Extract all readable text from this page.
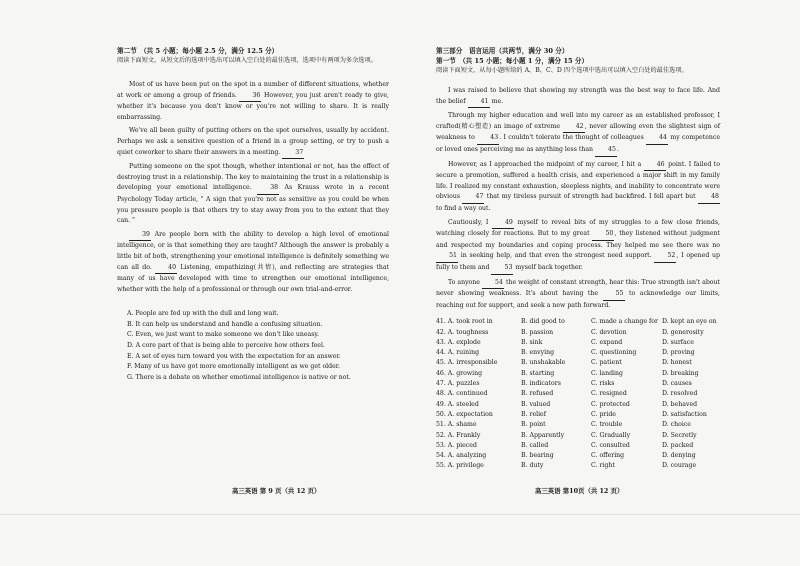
第二节　（共 5 小题；每小题 2.5 分，满分 12.5 分）
阅读下面短文，从短文后的选项中选出可以填入空白处的最佳选项，选项中有两项为多余选项。

Most of us have been put on the spot in a number of different situations, whether at work or among a group of friends. 36 However, you just aren't ready to give, whether it's because you don't know or you're not willing to share. It is really embarrassing.

We've all been guilty of putting others on the spot ourselves, usually by accident. Perhaps we ask a sensitive question of a friend in a group setting, or try to push a quiet coworker to share their answers in a meeting. 37

Putting someone on the spot though, whether intentional or not, has the effect of destroying trust in a relationship. The key to maintaining the trust in a relationship is developing your emotional intelligence. 38 As Krauss wrote in a recent Psychology Today article, " A sign that you're not as sensitive as you could be when you pressure people is that others try to stay away from you to the extent that they can. "

39 Are people born with the ability to develop a high level of emotional intelligence, or is that something they are taught? Although the answer is probably a little bit of both, strengthening your emotional intelligence is definitely something we can all do. 40 Listening, empathizing(共情), and reflecting are strategies that many of us have developed with time to strengthen our emotional intelligence, whether with the help of a professional or through our own trial-and-error.

A. People are fed up with the dull and long wait.
B. It can help us understand and handle a confusing situation.
C. Even, we just want to make someone we don't like uneasy.
D. A core part of that is being able to perceive how others feel.
E. A set of eyes turn toward you with the expectation for an answer.
F. Many of us have got more emotionally intelligent as we get older.
G. There is a debate on whether emotional intelligence is native or not.
第三部分　语言运用（共两节，满分 30 分）
第一节　（共 15 小题；每小题 1 分，满分 15 分）
阅读下面短文，从每小题所给的 A、B、C、D 四个选项中选出可以填入空白处的最佳选项。

I was raised to believe that showing my strength was the best way to face life. And the belief 41 me.

Through my higher education and well into my career as an established professor, I crafted(精心塑造) an image of extreme 42, never allowing even the slightest sign of weakness to 43. I couldn't tolerate the thought of colleagues 44 my competence or loved ones perceiving me as anything less than 45.

However, as I approached the midpoint of my career, I hit a 46 point. I failed to secure a promotion, suffered a health crisis, and experienced a major shift in my family life. I realized my constant exhaustion, sleepless nights, and inability to concentrate were obvious 47 that my tireless pursuit of strength had backfired. I fell apart but 48 to find a way out.

Cautiously, I 49 myself to reveal bits of my struggles to a few close friends, watching closely for reactions. But to my great 50, they listened without judgment and respected my boundaries and coping process. They helped me see there was no 51 in seeking help, and that even the strongest need support. 52, I opened up fully to them and 53 myself back together.

To anyone 54 the weight of constant strength, hear this: True strength isn't about never showing weakness. It's about having the 55 to acknowledge our limits, reaching out for support, and seek a new path forward.

41. A. took root in	B. did good to	C. made a change for D. kept an eye on
42. A. toughness	B. passion	C. devotion	D. generosity
43. A. explode	B. sink	C. expand	D. surface
44. A. ruining	B. envying	C. questioning	D. proving
45. A. irresponsible	B. unshakable	C. patient	D. honest
46. A. growing	B. starting	C. landing	D. breaking
47. A. puzzles	B. indicators	C. risks	D. causes
48. A. continued	B. refused	C. resigned	D. resolved
49. A. steeled	B. valued	C. protected	D. behaved
50. A. expectation	B. relief	C. pride	D. satisfaction
51. A. shame	B. point	C. trouble	D. choice
52. A. Frankly	B. Apparently	C. Gradually	D. Secretly
53. A. pieced	B. called	C. consulted	D. packed
54. A. analyzing	B. bearing	C. offering	D. denying
55. A. privilege	B. duty	C. right	D. courage
高三英语 第 9 页（共 12 页）	高三英语 第10页（共 12 页）
